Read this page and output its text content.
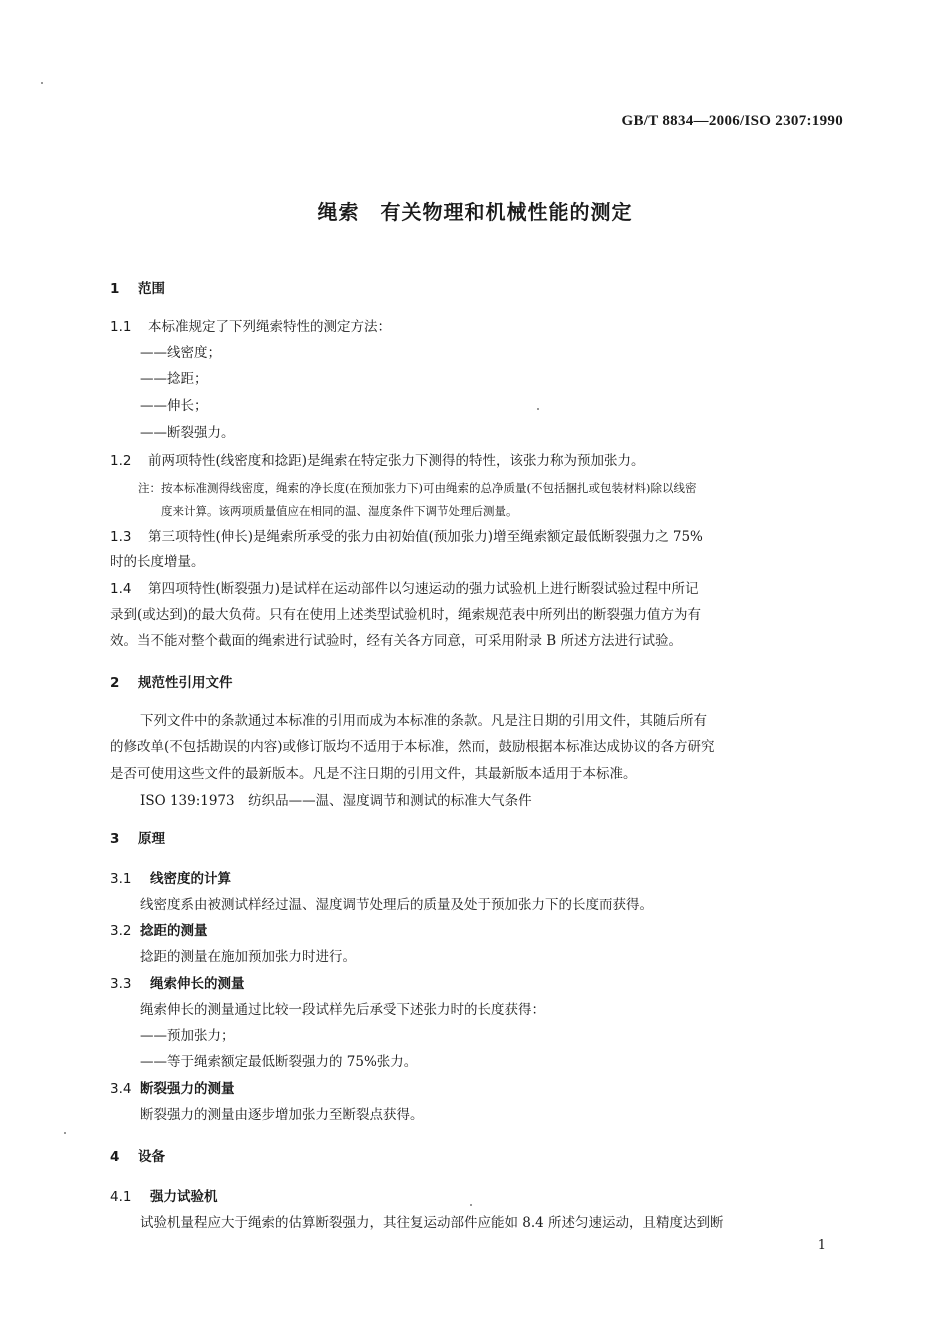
GB/T 8834—2006/ISO 2307:1990
绳索　有关物理和机械性能的测定
1 范围
1.1 本标准规定了下列绳索特性的测定方法：
——线密度；
——捻距；
——伸长；
——断裂强力。
1.2 前两项特性(线密度和捻距)是绳索在特定张力下测得的特性，该张力称为预加张力。
注：按本标准测得线密度，绳索的净长度(在预加张力下)可由绳索的总净质量(不包括捆扎或包装材料)除以线密
度来计算。该两项质量值应在相同的温、湿度条件下调节处理后测量。
1.3 第三项特性(伸长)是绳索所承受的张力由初始值(预加张力)增至绳索额定最低断裂强力之 75%
时的长度增量。
1.4 第四项特性(断裂强力)是试样在运动部件以匀速运动的强力试验机上进行断裂试验过程中所记
录到(或达到)的最大负荷。只有在使用上述类型试验机时，绳索规范表中所列出的断裂强力值方为有
效。当不能对整个截面的绳索进行试验时，经有关各方同意，可采用附录 B 所述方法进行试验。
2 规范性引用文件
下列文件中的条款通过本标准的引用而成为本标准的条款。凡是注日期的引用文件，其随后所有
的修改单(不包括勘误的内容)或修订版均不适用于本标准，然而，鼓励根据本标准达成协议的各方研究
是否可使用这些文件的最新版本。凡是不注日期的引用文件，其最新版本适用于本标准。
ISO 139:1973　纺织品——温、湿度调节和测试的标准大气条件
3 原理
3.1 线密度的计算
线密度系由被测试样经过温、湿度调节处理后的质量及处于预加张力下的长度而获得。
3.2 捻距的测量
捻距的测量在施加预加张力时进行。
3.3 绳索伸长的测量
绳索伸长的测量通过比较一段试样先后承受下述张力时的长度获得：
——预加张力；
——等于绳索额定最低断裂强力的 75%张力。
3.4 断裂强力的测量
断裂强力的测量由逐步增加张力至断裂点获得。
4 设备
4.1 强力试验机
试验机量程应大于绳索的估算断裂强力，其往复运动部件应能如 8.4 所述匀速运动，且精度达到断
1
